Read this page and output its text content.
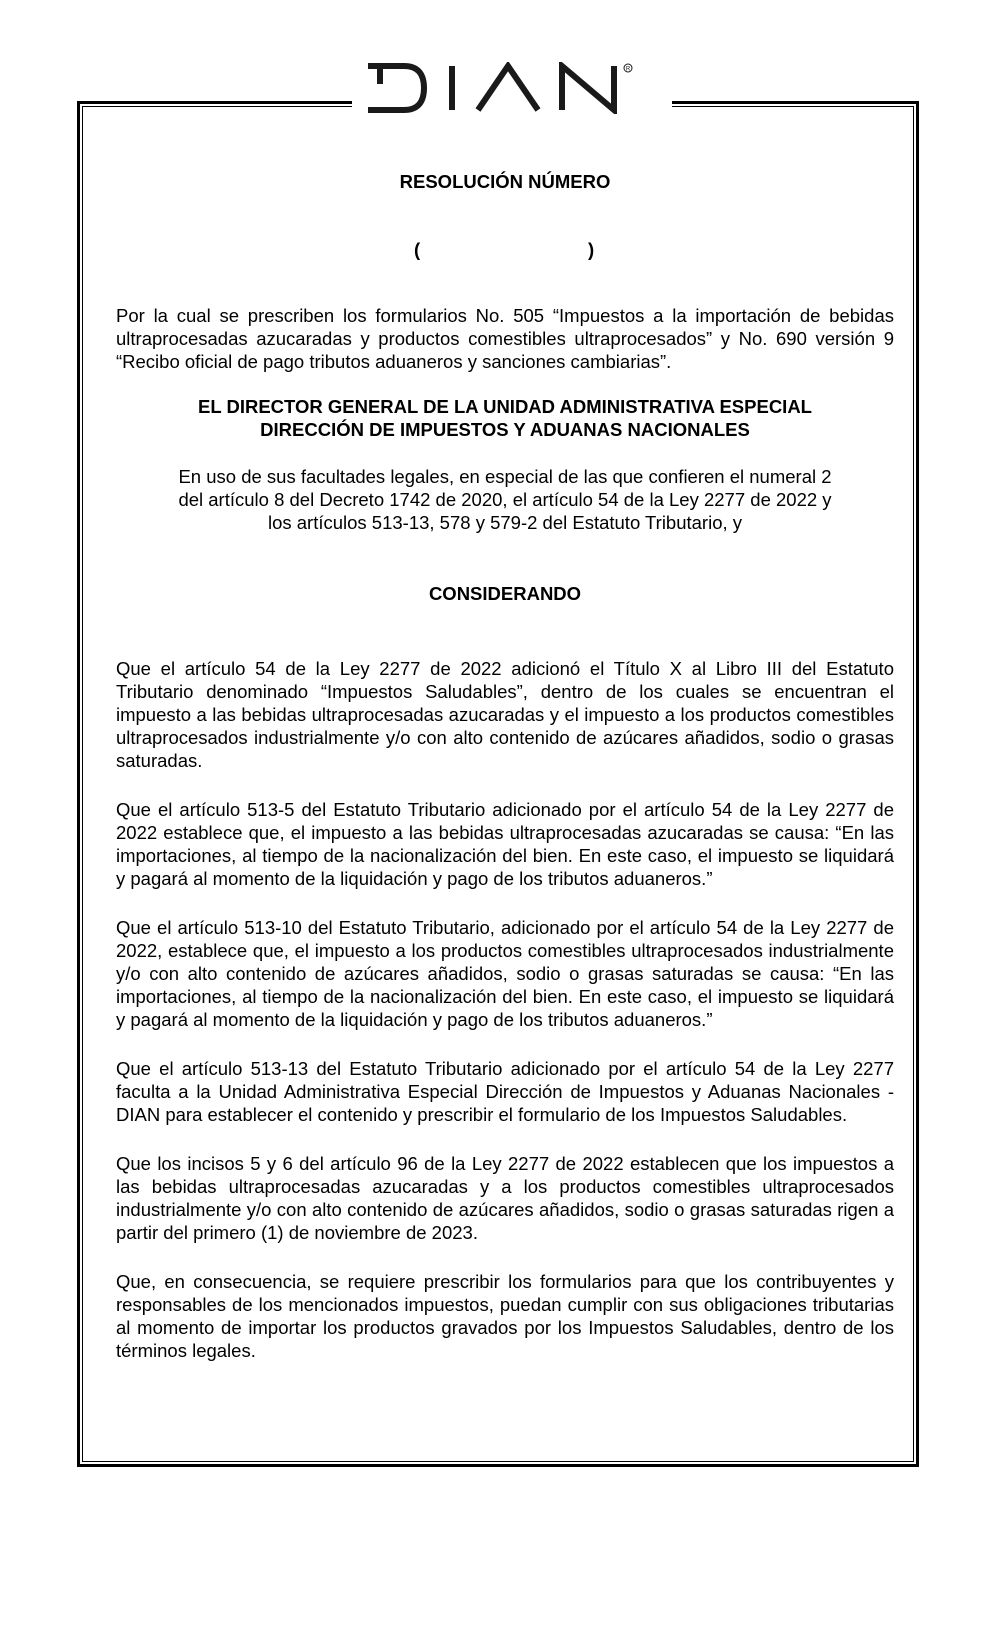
R

RESOLUCIÓN NÚMERO

(	)

Por la cual se prescriben los formularios No. 505 “Impuestos a la importación de bebidas ultraprocesadas azucaradas y productos comestibles ultraprocesados” y No. 690 versión 9 “Recibo oficial de pago tributos aduaneros y sanciones cambiarias”.

EL DIRECTOR GENERAL DE LA UNIDAD ADMINISTRATIVA ESPECIAL

DIRECCIÓN DE IMPUESTOS Y ADUANAS NACIONALES

En uso de sus facultades legales, en especial de las que confieren el numeral 2 del artículo 8 del Decreto 1742 de 2020, el artículo 54 de la Ley 2277 de 2022 y los artículos 513-13, 578 y 579-2 del Estatuto Tributario, y

CONSIDERANDO

Que el artículo 54 de la Ley 2277 de 2022 adicionó el Título X al Libro III del Estatuto Tributario denominado “Impuestos Saludables”, dentro de los cuales se encuentran el impuesto a las bebidas ultraprocesadas azucaradas y el impuesto a los productos comestibles ultraprocesados industrialmente y/o con alto contenido de azúcares añadidos, sodio o grasas saturadas.

Que el artículo 513-5 del Estatuto Tributario adicionado por el artículo 54 de la Ley 2277 de 2022 establece que, el impuesto a las bebidas ultraprocesadas azucaradas se causa: “En las importaciones, al tiempo de la nacionalización del bien. En este caso, el impuesto se liquidará y pagará al momento de la liquidación y pago de los tributos aduaneros.”

Que el artículo 513-10 del Estatuto Tributario, adicionado por el artículo 54 de la Ley 2277 de 2022, establece que, el impuesto a los productos comestibles ultraprocesados industrialmente y/o con alto contenido de azúcares añadidos, sodio o grasas saturadas se causa: “En las importaciones, al tiempo de la nacionalización del bien. En este caso, el impuesto se liquidará y pagará al momento de la liquidación y pago de los tributos aduaneros.”

Que el artículo 513-13 del Estatuto Tributario adicionado por el artículo 54 de la Ley 2277 faculta a la Unidad Administrativa Especial Dirección de Impuestos y Aduanas Nacionales -DIAN para establecer el contenido y prescribir el formulario de los Impuestos Saludables.

Que los incisos 5 y 6 del artículo 96 de la Ley 2277 de 2022 establecen que los impuestos a las bebidas ultraprocesadas azucaradas y a los productos comestibles ultraprocesados industrialmente y/o con alto contenido de azúcares añadidos, sodio o grasas saturadas rigen a partir del primero (1) de noviembre de 2023.

Que, en consecuencia, se requiere prescribir los formularios para que los contribuyentes y responsables de los mencionados impuestos, puedan cumplir con sus obligaciones tributarias al momento de importar los productos gravados por los Impuestos Saludables, dentro de los términos legales.
